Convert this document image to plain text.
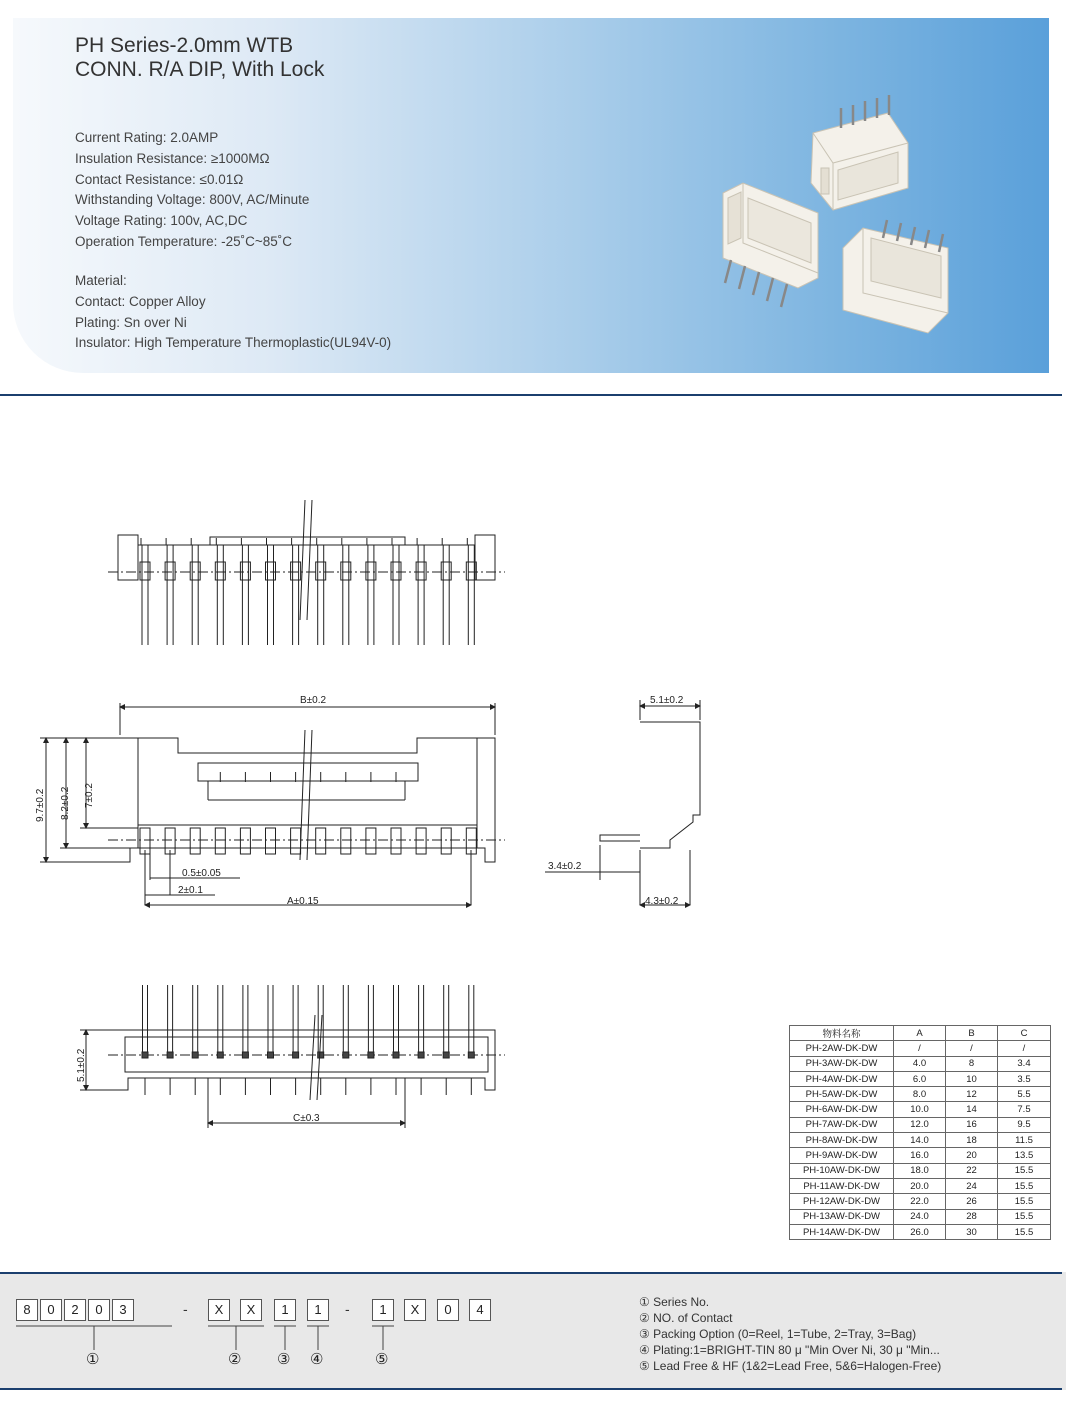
PH Series-2.0mm WTB
CONN. R/A DIP, With Lock
Current Rating: 2.0AMP
Insulation Resistance: ≥1000MΩ
Contact Resistance: ≤0.01Ω
Withstanding Voltage: 800V, AC/Minute
Voltage Rating: 100v, AC,DC
Operation Temperature: -25˚C~85˚C
Material:
Contact: Copper Alloy
Plating: Sn over Ni
Insulator: High Temperature Thermoplastic(UL94V-0)
B±0.2
9.7±0.2 8.2±0.2 7±0.2
0.5±0.05
2±0.1
A±0.15
5.1±0.2
3.4±0.2
4.3±0.2
5.1±0.2
C±0.3
物料名称	A	B	C
PH-2AW-DK-DW	/	/	/
PH-3AW-DK-DW	4.0	8	3.4
PH-4AW-DK-DW	6.0	10	3.5
PH-5AW-DK-DW	8.0	12	5.5
PH-6AW-DK-DW	10.0	14	7.5
PH-7AW-DK-DW	12.0	16	9.5
PH-8AW-DK-DW	14.0	18	11.5
PH-9AW-DK-DW	16.0	20	13.5
PH-10AW-DK-DW	18.0	22	15.5
PH-11AW-DK-DW	20.0	24	15.5
PH-12AW-DK-DW	22.0	26	15.5
PH-13AW-DK-DW	24.0	28	15.5
PH-14AW-DK-DW	26.0	30	15.5
8	0	2	0	3	-	X	X	1	1	-	1	X	0	4
①	② ③ ④	⑤
① Series No.
② NO. of Contact
③ Packing Option (0=Reel, 1=Tube, 2=Tray, 3=Bag)
④ Plating:1=BRIGHT-TIN 80 μ "Min Over Ni, 30 μ "Min...
⑤ Lead Free & HF (1&2=Lead Free, 5&6=Halogen-Free)
